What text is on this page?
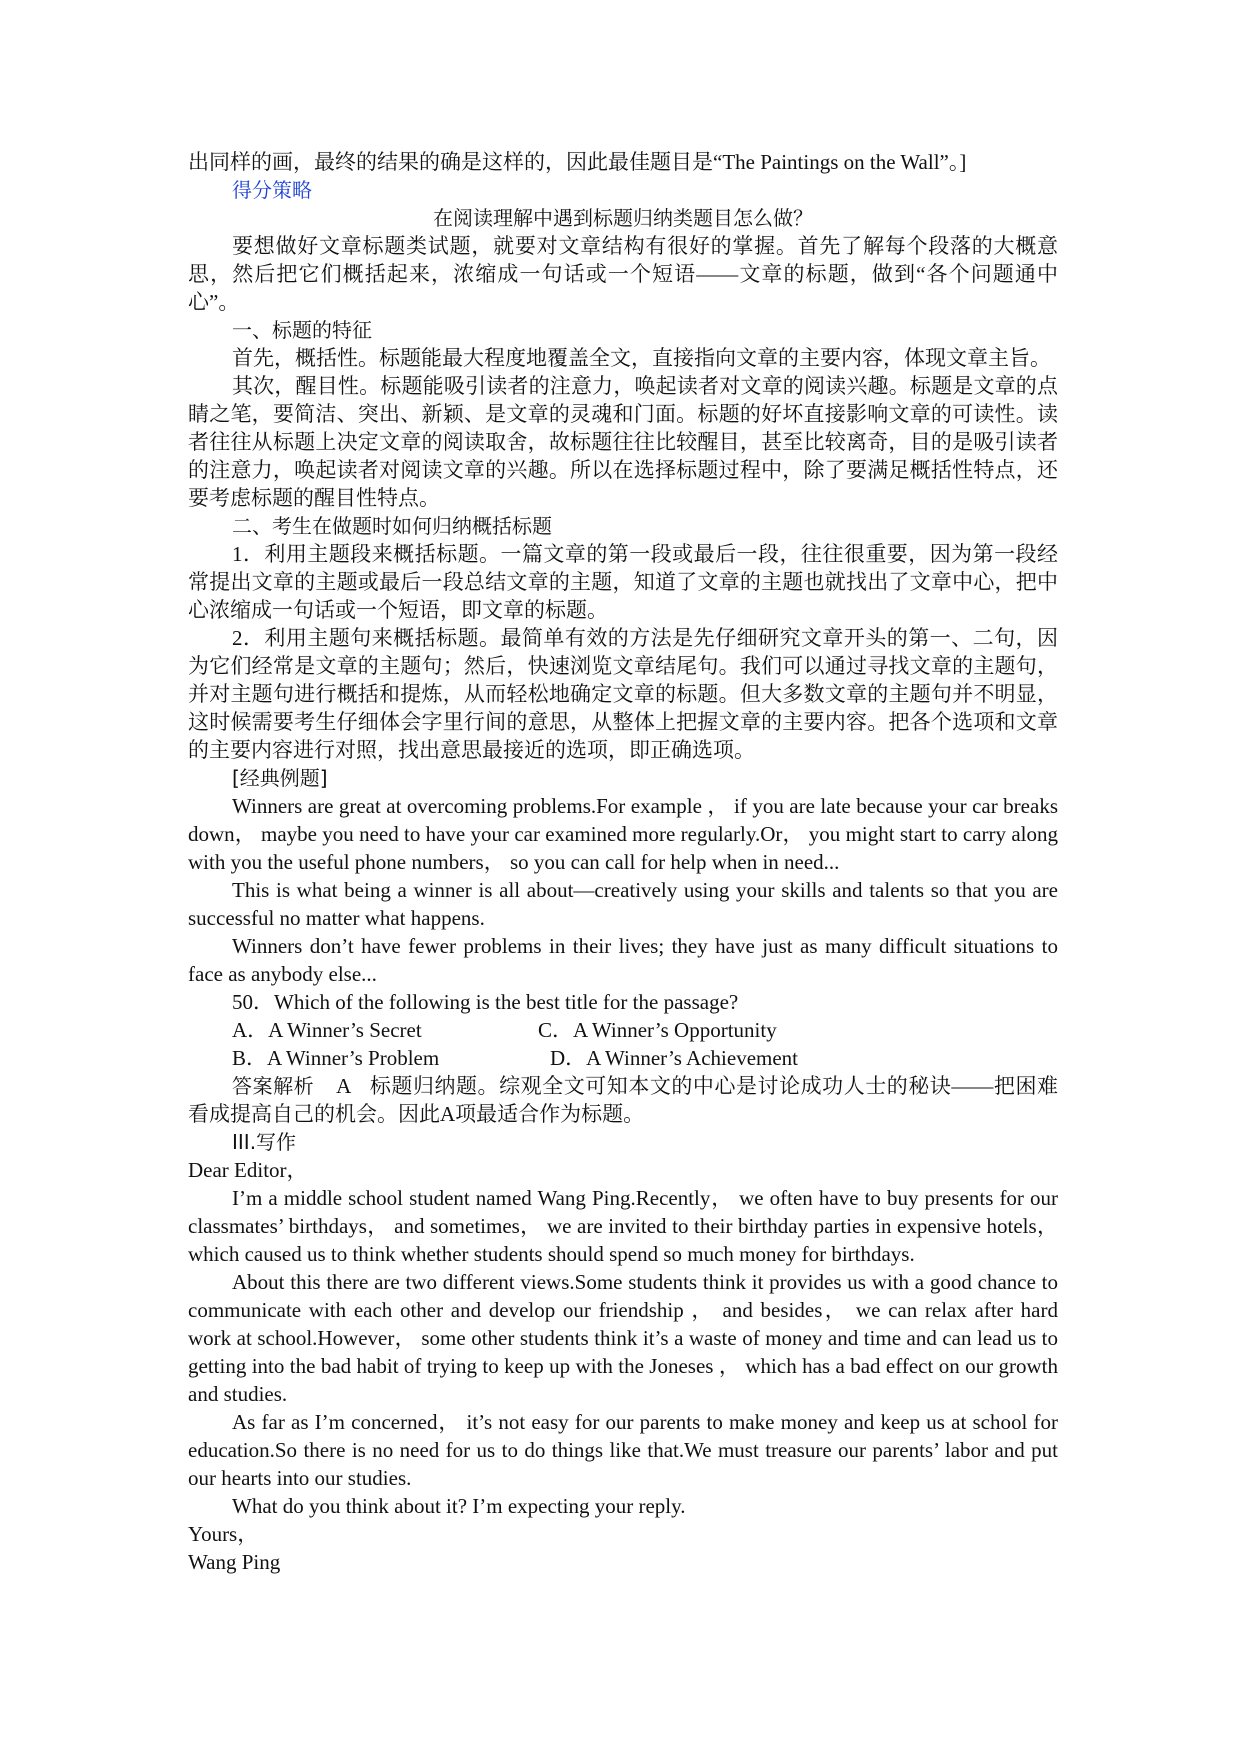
出同样的画，最终的结果的确是这样的，因此最佳题目是“The Paintings on the Wall”。]

得分策略

在阅读理解中遇到标题归纳类题目怎么做？

要想做好文章标题类试题，就要对文章结构有很好的掌握。首先了解每个段落的大概意思，然后把它们概括起来，浓缩成一句话或一个短语——文章的标题，做到“各个问题通中心”。

一、标题的特征

首先，概括性。标题能最大程度地覆盖全文，直接指向文章的主要内容，体现文章主旨。

其次，醒目性。标题能吸引读者的注意力，唤起读者对文章的阅读兴趣。标题是文章的点睛之笔，要简洁、突出、新颖、是文章的灵魂和门面。标题的好坏直接影响文章的可读性。读者往往从标题上决定文章的阅读取舍，故标题往往比较醒目，甚至比较离奇，目的是吸引读者的注意力，唤起读者对阅读文章的兴趣。所以在选择标题过程中，除了要满足概括性特点，还要考虑标题的醒目性特点。

二、考生在做题时如何归纳概括标题

1．利用主题段来概括标题。一篇文章的第一段或最后一段，往往很重要，因为第一段经常提出文章的主题或最后一段总结文章的主题，知道了文章的主题也就找出了文章中心，把中心浓缩成一句话或一个短语，即文章的标题。

2．利用主题句来概括标题。最简单有效的方法是先仔细研究文章开头的第一、二句，因为它们经常是文章的主题句；然后，快速浏览文章结尾句。我们可以通过寻找文章的主题句，并对主题句进行概括和提炼，从而轻松地确定文章的标题。但大多数文章的主题句并不明显，这时候需要考生仔细体会字里行间的意思，从整体上把握文章的主要内容。把各个选项和文章的主要内容进行对照，找出意思最接近的选项，即正确选项。

[经典例题]

Winners are great at overcoming problems.For example ， if you are late because your car breaks down， maybe you need to have your car examined more regularly.Or， you might start to carry along with you the useful phone numbers， so you can call for help when in need...

This is what being a winner is all about—creatively using your skills and talents so that you are successful no matter what happens.

Winners don’t have fewer problems in their lives; they have just as many difficult situations to face as anybody else...

50．Which of the following is the best title for the passage?

A．A Winner’s Secret	C．A Winner’s Opportunity
B．A Winner’s Problem	D．A Winner’s Achievement

答案解析 A 标题归纳题。综观全文可知本文的中心是讨论成功人士的秘诀——把困难看成提高自己的机会。因此A项最适合作为标题。

III.写作

Dear Editor，

I’m a middle school student named Wang Ping.Recently， we often have to buy presents for our classmates’ birthdays， and sometimes， we are invited to their birthday parties in expensive hotels， which caused us to think whether students should spend so much money for birthdays.

About this there are two different views.Some students think it provides us with a good chance to communicate with each other and develop our friendship ， and besides， we can relax after hard work at school.However， some other students think it’s a waste of money and time and can lead us to getting into the bad habit of trying to keep up with the Joneses ， which has a bad effect on our growth and studies.

As far as I’m concerned， it’s not easy for our parents to make money and keep us at school for education.So there is no need for us to do things like that.We must treasure our parents’ labor and put our hearts into our studies.

What do you think about it? I’m expecting your reply.

Yours，

Wang Ping
